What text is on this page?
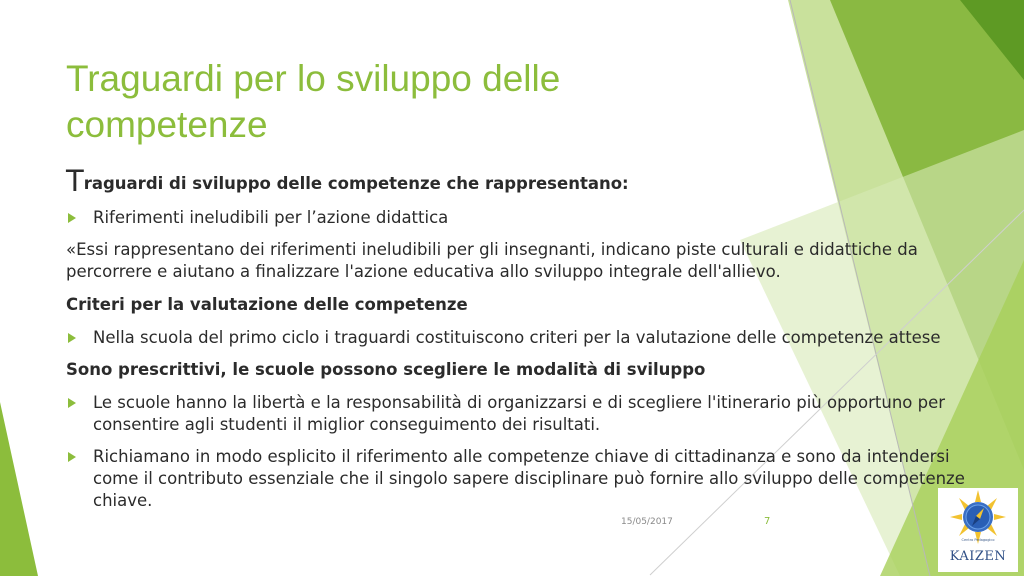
Traguardi per lo sviluppo delle competenze
Traguardi di sviluppo delle competenze che rappresentano:
Riferimenti ineludibili per l’azione didattica
«Essi rappresentano dei riferimenti ineludibili per gli insegnanti, indicano piste culturali e didattiche da percorrere e aiutano a finalizzare l'azione educativa allo sviluppo integrale dell'allievo.
Criteri per la valutazione delle competenze
Nella scuola del primo ciclo i traguardi costituiscono criteri per la valutazione delle competenze attese
Sono prescrittivi, le scuole possono scegliere le modalità di sviluppo
Le scuole hanno la libertà e la responsabilità di organizzarsi e di scegliere l'itinerario più opportuno per consentire agli studenti il miglior conseguimento dei risultati.
Richiamano in modo esplicito il riferimento alle competenze chiave di cittadinanza e sono da intendersi come il contributo essenziale che il singolo sapere disciplinare può fornire allo sviluppo delle competenze chiave.
15/05/2017	7
Centro Pedagogico
KAIZEN
